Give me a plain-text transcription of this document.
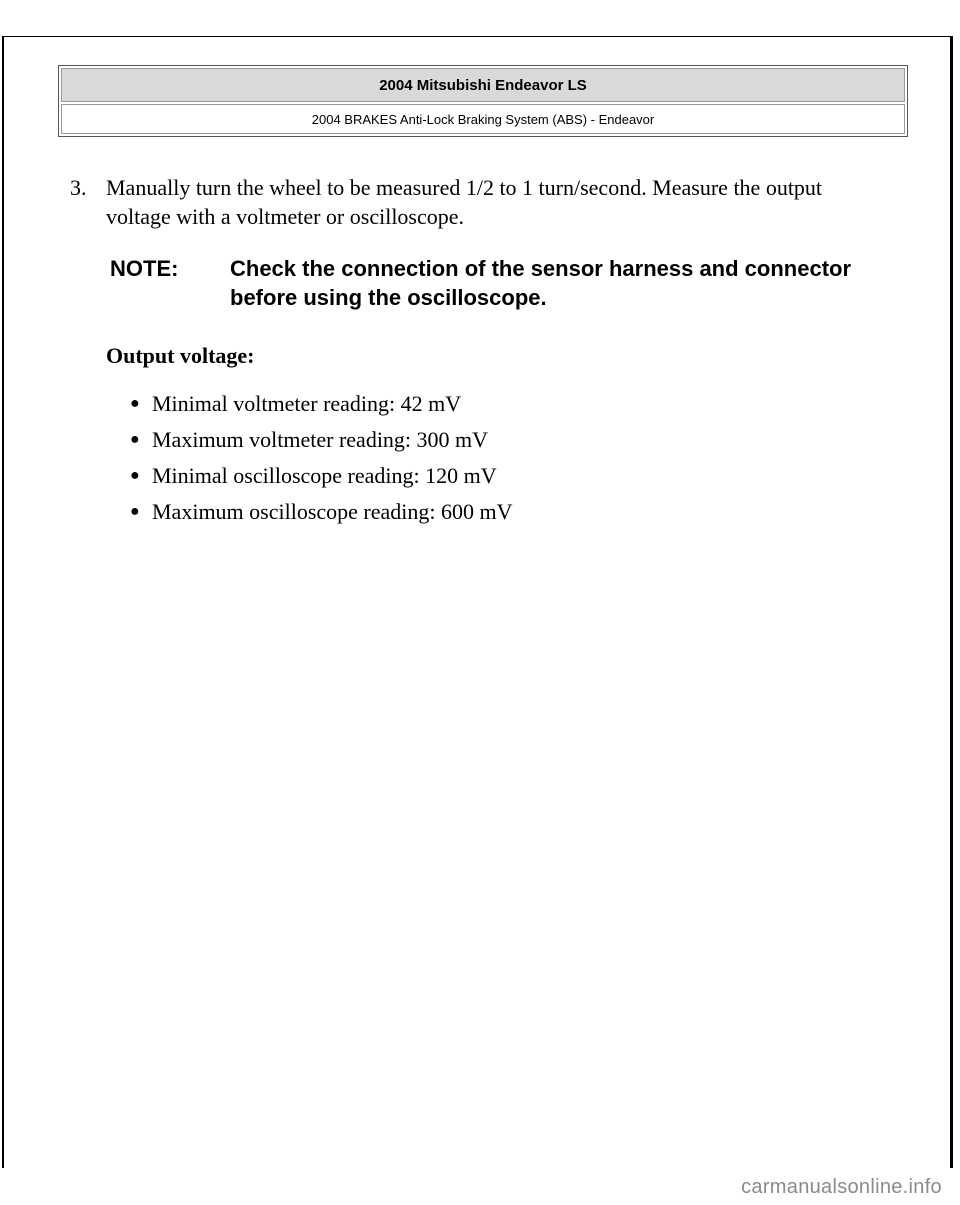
2004 Mitsubishi Endeavor LS
2004 BRAKES Anti-Lock Braking System (ABS) - Endeavor
3. Manually turn the wheel to be measured 1/2 to 1 turn/second. Measure the output voltage with a voltmeter or oscilloscope.
NOTE: Check the connection of the sensor harness and connector before using the oscilloscope.
Output voltage:
● Minimal voltmeter reading: 42 mV
● Maximum voltmeter reading: 300 mV
● Minimal oscilloscope reading: 120 mV
● Maximum oscilloscope reading: 600 mV
carmanualsonline.info
